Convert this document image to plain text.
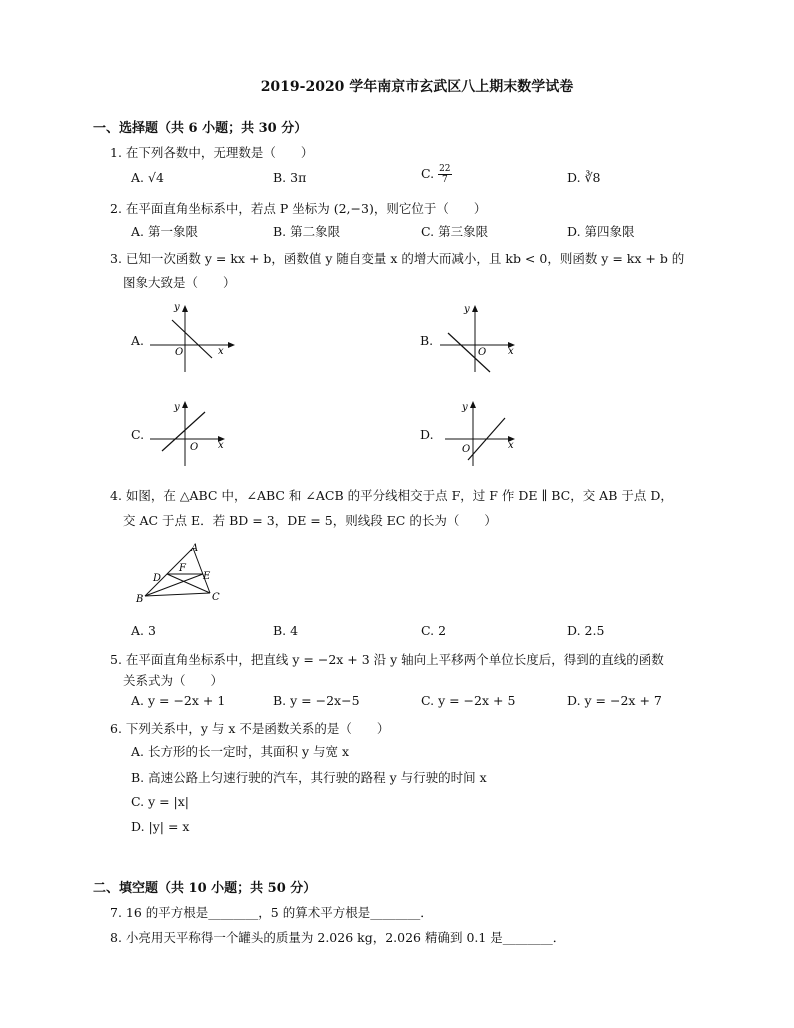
2019-2020 学年南京市玄武区八上期末数学试卷
一、选择题（共 6 小题；共 30 分）
1. 在下列各数中，无理数是（　　）
A. √4	B. 3π	C. $\frac{22}{7}$	D. ∛8
2. 在平面直角坐标系中，若点 P 坐标为 (2,−3)，则它位于（　　）
A. 第一象限	B. 第二象限	C. 第三象限	D. 第四象限
3. 已知一次函数 y = kx + b，函数值 y 随自变量 x 的增大而减小，且 kb < 0，则函数 y = kx + b 的
图象大致是（　　）
A.
y
x
O
B.
y
x
O
C.
y
x
O
D.
y
x
O
4. 如图，在 △ABC 中，∠ABC 和 ∠ACB 的平分线相交于点 F，过 F 作 DE ∥ BC，交 AB 于点 D，
交 AC 于点 E．若 BD = 3，DE = 5，则线段 EC 的长为（　　）
A
B	C
D	E
F
A. 3	B. 4	C. 2	D. 2.5
5. 在平面直角坐标系中，把直线 y = −2x + 3 沿 y 轴向上平移两个单位长度后，得到的直线的函数
关系式为（　　）
A. y = −2x + 1	B. y = −2x−5	C. y = −2x + 5	D. y = −2x + 7
6. 下列关系中，y 与 x 不是函数关系的是（　　）
A. 长方形的长一定时，其面积 y 与宽 x
B. 高速公路上匀速行驶的汽车，其行驶的路程 y 与行驶的时间 x
C. y = |x|
D. |y| = x
二、填空题（共 10 小题；共 50 分）
7. 16 的平方根是________，5 的算术平方根是________．
8. 小亮用天平称得一个罐头的质量为 2.026 kg，2.026 精确到 0.1 是________．
